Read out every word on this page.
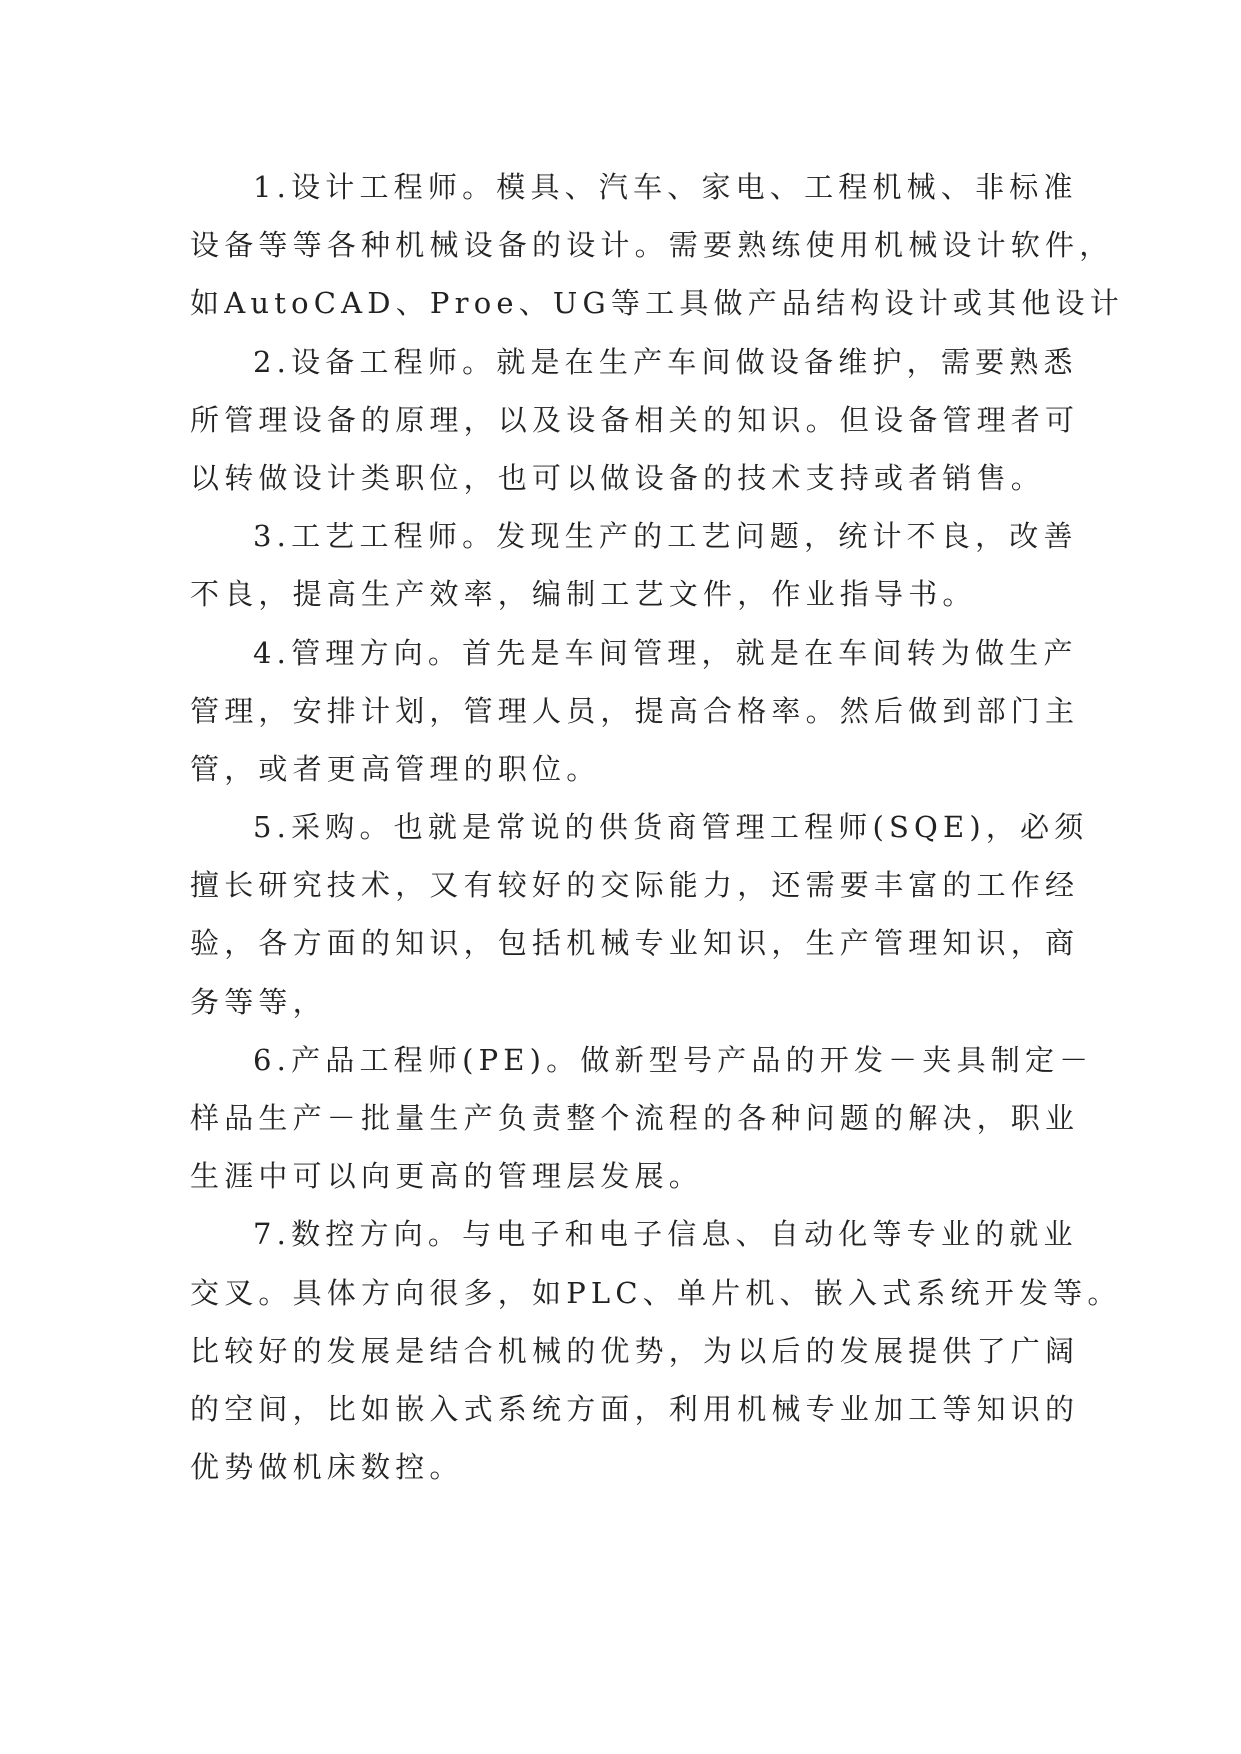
1.设计工程师。模具、汽车、家电、工程机械、非标准
设备等等各种机械设备的设计。需要熟练使用机械设计软件，
如AutoCAD、Proe、UG等工具做产品结构设计或其他设计
2.设备工程师。就是在生产车间做设备维护，需要熟悉
所管理设备的原理，以及设备相关的知识。但设备管理者可
以转做设计类职位，也可以做设备的技术支持或者销售。
3.工艺工程师。发现生产的工艺问题，统计不良，改善
不良，提高生产效率，编制工艺文件，作业指导书。
4.管理方向。首先是车间管理，就是在车间转为做生产
管理，安排计划，管理人员，提高合格率。然后做到部门主
管，或者更高管理的职位。
5.采购。也就是常说的供货商管理工程师(SQE)，必须
擅长研究技术，又有较好的交际能力，还需要丰富的工作经
验，各方面的知识，包括机械专业知识，生产管理知识，商
务等等，
6.产品工程师(PE)。做新型号产品的开发－夹具制定－
样品生产－批量生产负责整个流程的各种问题的解决，职业
生涯中可以向更高的管理层发展。
7.数控方向。与电子和电子信息、自动化等专业的就业
交叉。具体方向很多，如PLC、单片机、嵌入式系统开发等。
比较好的发展是结合机械的优势，为以后的发展提供了广阔
的空间，比如嵌入式系统方面，利用机械专业加工等知识的
优势做机床数控。
